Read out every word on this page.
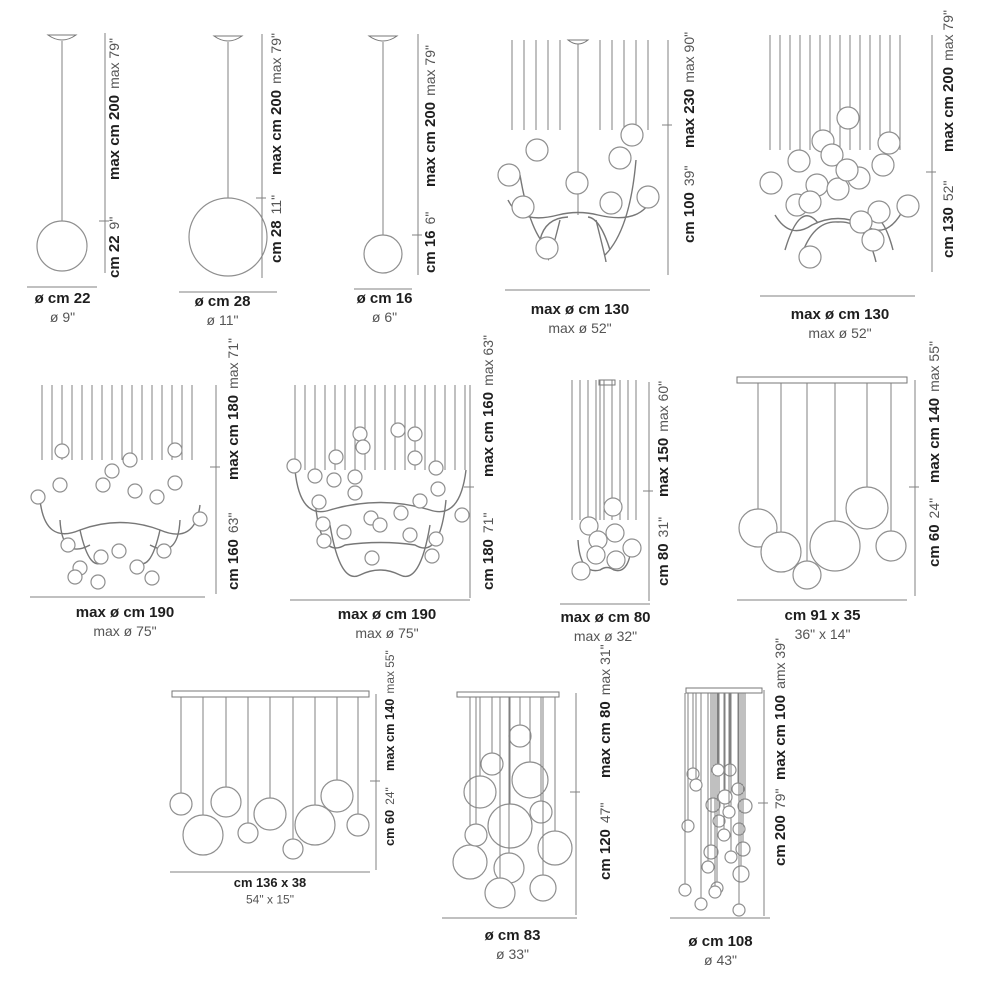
ø cm 22
ø 9"
ø cm 28
ø 11"
ø cm 16
ø 6"	max ø cm 130
max ø 52"
max ø cm 130
max ø 52"
max ø cm 190
max ø 75"
max ø cm 190
max ø 75"
max ø cm 80
max ø 32"
cm 91 x 35
36" x 14"
cm 136 x 38
54" x 15"
ø cm 83
ø 33"
ø cm 108
ø 43"
max cm 200max 79"
cm 229"
max cm 200max 79"
cm 2811"
max cm 200max 79"
cm 166"
max 230max 90"
cm 10039"
max cm 200max 79"
cm 13052"
max cm 180max 71"
cm 16063"
max cm 160max 63"
cm 18071"
max 150max 60"
cm 8031"
max cm 140max 55"
cm 6024"
max cm 140max 55"
cm 6024"
max cm 80max 31"
cm 12047"
max cm 100amx 39"
cm 20079"
